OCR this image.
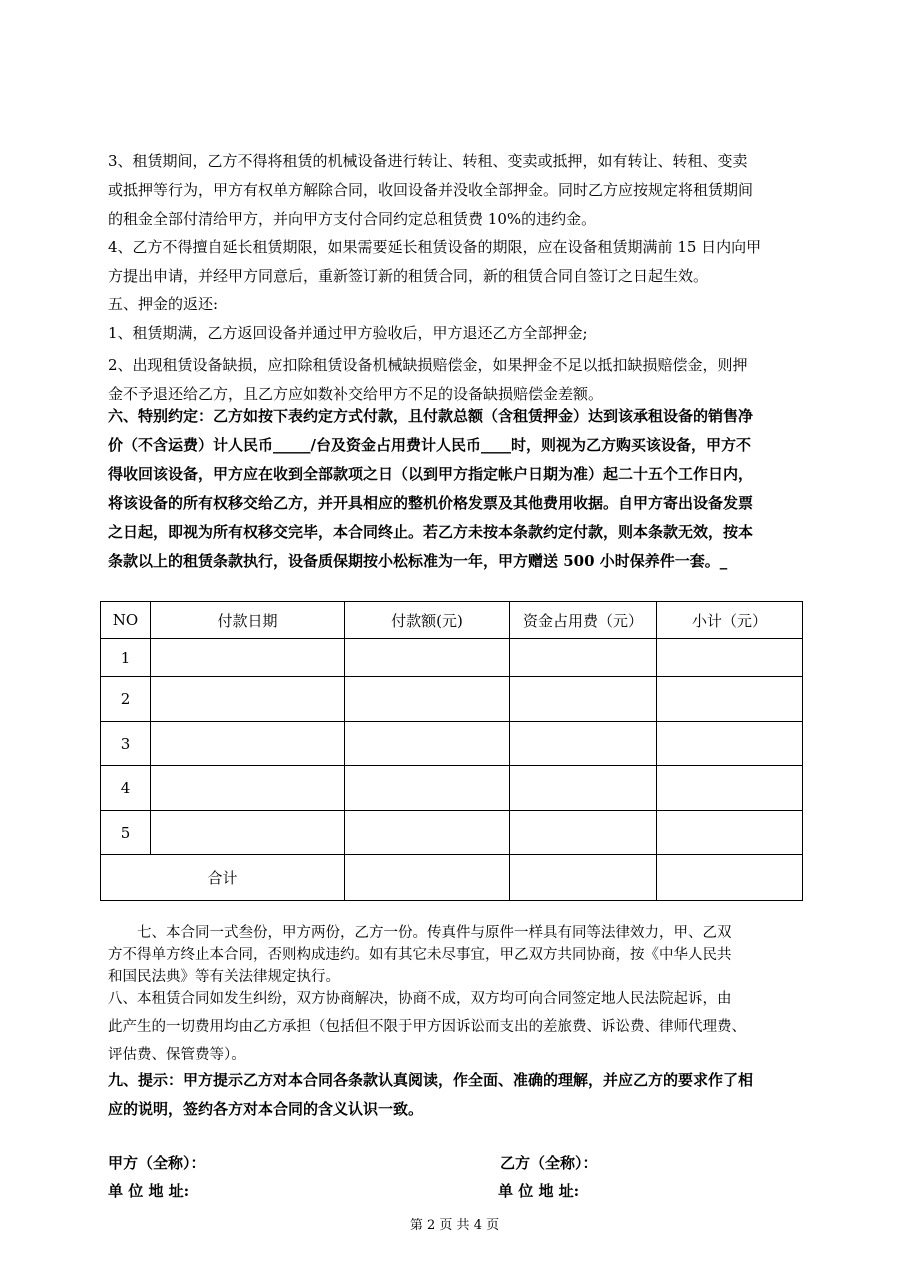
3、租赁期间，乙方不得将租赁的机械设备进行转让、转租、变卖或抵押，如有转让、转租、变卖
或抵押等行为，甲方有权单方解除合同，收回设备并没收全部押金。同时乙方应按规定将租赁期间
的租金全部付清给甲方，并向甲方支付合同约定总租赁费 10%的违约金。
4、乙方不得擅自延长租赁期限，如果需要延长租赁设备的期限，应在设备租赁期满前 15 日内向甲
方提出申请，并经甲方同意后，重新签订新的租赁合同，新的租赁合同自签订之日起生效。
五、押金的返还:
1、租赁期满，乙方返回设备并通过甲方验收后，甲方退还乙方全部押金;
2、出现租赁设备缺损，应扣除租赁设备机械缺损赔偿金，如果押金不足以抵扣缺损赔偿金，则押
金不予退还给乙方，且乙方应如数补交给甲方不足的设备缺损赔偿金差额。
六、特别约定：乙方如按下表约定方式付款，且付款总额（含租赁押金）达到该承租设备的销售净
价（不含运费）计人民币_____/台及资金占用费计人民币____时，则视为乙方购买该设备，甲方不
得收回该设备，甲方应在收到全部款项之日（以到甲方指定帐户日期为准）起二十五个工作日内，
将该设备的所有权移交给乙方，并开具相应的整机价格发票及其他费用收据。自甲方寄出设备发票
之日起，即视为所有权移交完毕，本合同终止。若乙方未按本条款约定付款，则本条款无效，按本
条款以上的租赁条款执行，设备质保期按小松标准为一年，甲方赠送 500 小时保养件一套。_
NO	付款日期	付款额(元)	资金占用费（元）	小计（元）
1				
2				
3				
4				
5				
合计				
　　七、本合同一式叁份，甲方两份，乙方一份。传真件与原件一样具有同等法律效力，甲、乙双
方不得单方终止本合同，否则构成违约。如有其它未尽事宜，甲乙双方共同协商，按《中华人民共
和国民法典》等有关法律规定执行。
八、本租赁合同如发生纠纷，双方协商解决，协商不成，双方均可向合同签定地人民法院起诉，由
此产生的一切费用均由乙方承担（包括但不限于甲方因诉讼而支出的差旅费、诉讼费、律师代理费、
评估费、保管费等）。
九、提示：甲方提示乙方对本合同各条款认真阅读，作全面、准确的理解，并应乙方的要求作了相
应的说明，签约各方对本合同的含义认识一致。
甲方（全称）：	乙方（全称）：
单 位 地 址:	单 位 地 址:
第 2 页 共 4 页
